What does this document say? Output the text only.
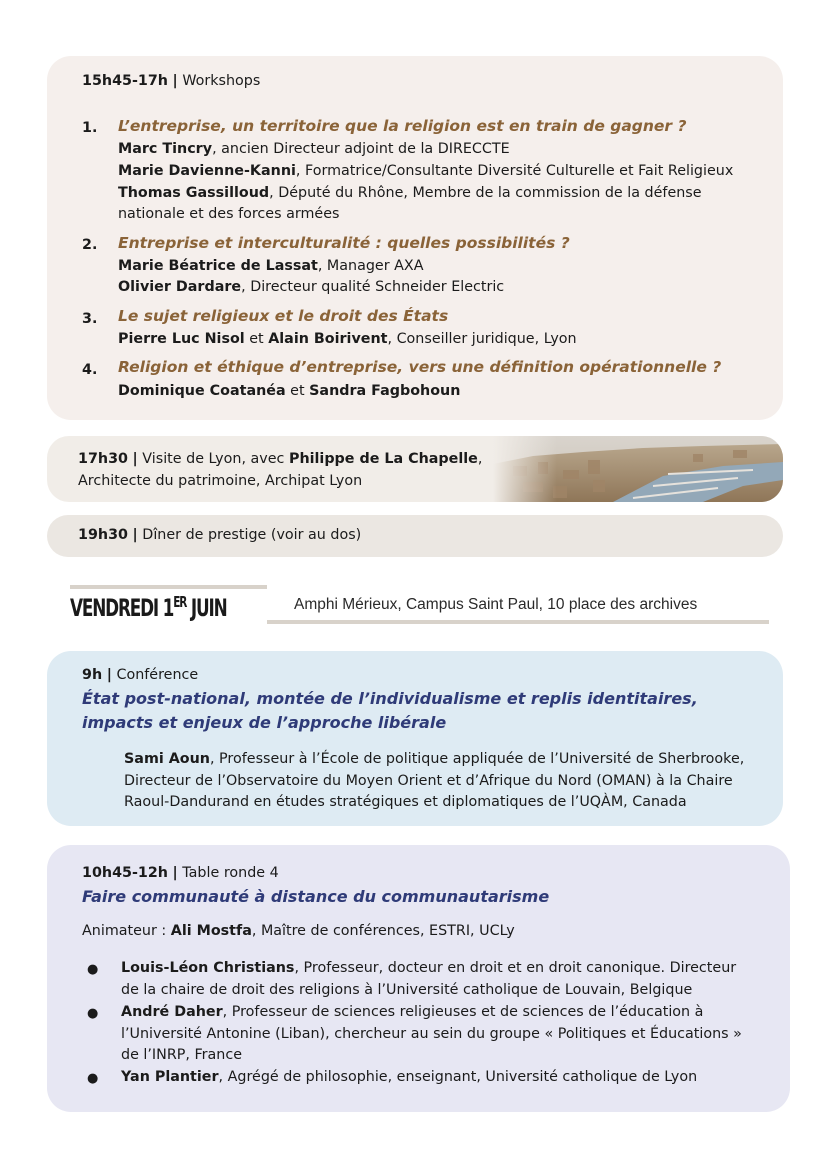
15h45-17h | Workshops
1. L’entreprise, un territoire que la religion est en train de gagner ?
Marc Tincry, ancien Directeur adjoint de la DIRECCTE
Marie Davienne-Kanni, Formatrice/Consultante Diversité Culturelle et Fait Religieux
Thomas Gassilloud, Député du Rhône, Membre de la commission de la défense
nationale et des forces armées
2. Entreprise et interculturalité : quelles possibilités ?
Marie Béatrice de Lassat, Manager AXA
Olivier Dardare, Directeur qualité Schneider Electric
3. Le sujet religieux et le droit des États
Pierre Luc Nisol et Alain Boirivent, Conseiller juridique, Lyon
4. Religion et éthique d’entreprise, vers une définition opérationnelle ?
Dominique Coatanéa et Sandra Fagbohoun
17h30 | Visite de Lyon, avec Philippe de La Chapelle,
Architecte du patrimoine, Archipat Lyon
19h30 | Dîner de prestige (voir au dos)
VENDREDI 1ER JUIN	Amphi Mérieux, Campus Saint Paul, 10 place des archives
9h | Conférence
État post-national, montée de l’individualisme et replis identitaires,
impacts et enjeux de l’approche libérale
Sami Aoun, Professeur à l’École de politique appliquée de l’Université de Sherbrooke,
Directeur de l’Observatoire du Moyen Orient et d’Afrique du Nord (OMAN) à la Chaire
Raoul-Dandurand en études stratégiques et diplomatiques de l’UQÀM, Canada
10h45-12h | Table ronde 4
Faire communauté à distance du communautarisme
Animateur : Ali Mostfa, Maître de conférences, ESTRI, UCLy
● Louis-Léon Christians, Professeur, docteur en droit et en droit canonique. Directeur
de la chaire de droit des religions à l’Université catholique de Louvain, Belgique
● André Daher, Professeur de sciences religieuses et de sciences de l’éducation à
l’Université Antonine (Liban), chercheur au sein du groupe « Politiques et Éducations »
de l’INRP, France
● Yan Plantier, Agrégé de philosophie, enseignant, Université catholique de Lyon
